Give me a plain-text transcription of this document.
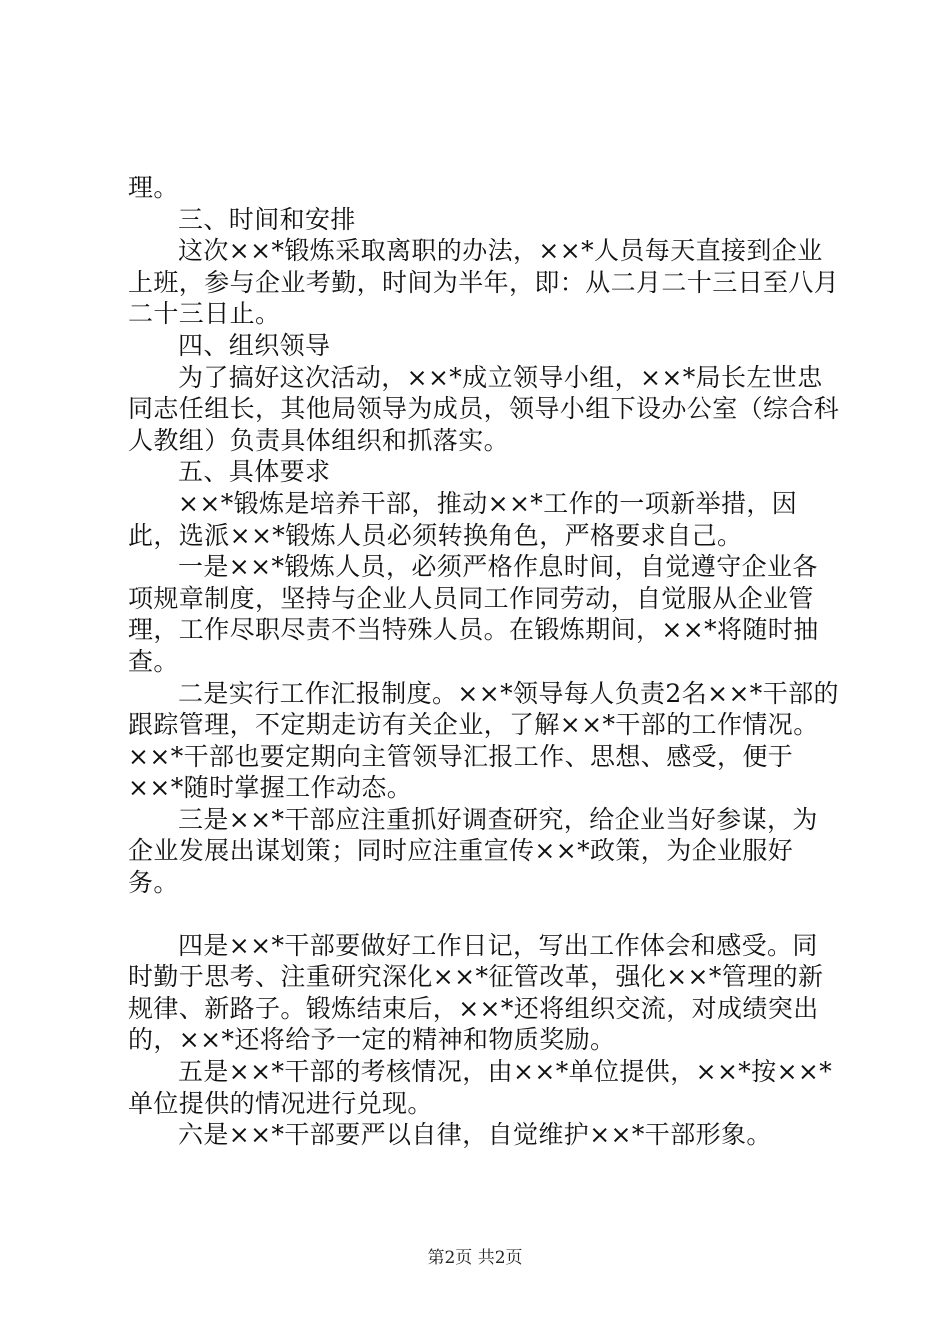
理。

三、时间和安排

这次××*锻炼采取离职的办法，××*人员每天直接到企业上班，参与企业考勤，时间为半年，即：从二月二十三日至八月二十三日止。

四、组织领导

为了搞好这次活动，××*成立领导小组，××*局长左世忠同志任组长，其他局领导为成员，领导小组下设办公室（综合科人教组）负责具体组织和抓落实。

五、具体要求

××*锻炼是培养干部，推动××*工作的一项新举措，因此，选派××*锻炼人员必须转换角色，严格要求自己。

一是××*锻炼人员，必须严格作息时间，自觉遵守企业各项规章制度，坚持与企业人员同工作同劳动，自觉服从企业管理，工作尽职尽责不当特殊人员。在锻炼期间，××*将随时抽查。

二是实行工作汇报制度。××*领导每人负责2名××*干部的跟踪管理，不定期走访有关企业，了解××*干部的工作情况。××*干部也要定期向主管领导汇报工作、思想、感受，便于××*随时掌握工作动态。

三是××*干部应注重抓好调查研究，给企业当好参谋，为企业发展出谋划策；同时应注重宣传××*政策，为企业服好务。

四是××*干部要做好工作日记，写出工作体会和感受。同时勤于思考、注重研究深化××*征管改革，强化××*管理的新规律、新路子。锻炼结束后，××*还将组织交流，对成绩突出的，××*还将给予一定的精神和物质奖励。

五是××*干部的考核情况，由××*单位提供，××*按××*单位提供的情况进行兑现。

六是××*干部要严以自律，自觉维护××*干部形象。

第2页 共2页
